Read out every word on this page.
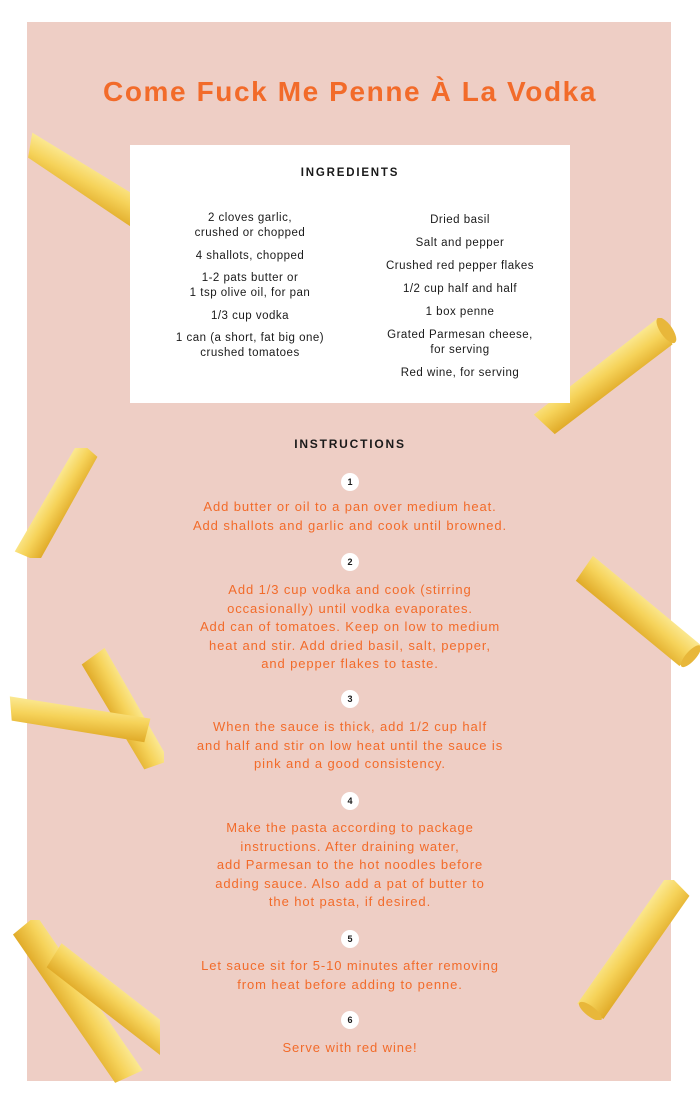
Come Fuck Me Penne À La Vodka
INGREDIENTS
2 cloves garlic,
crushed or chopped
4 shallots, chopped
1-2 pats butter or
1 tsp olive oil, for pan
1/3 cup vodka
1 can (a short, fat big one)
crushed tomatoes
Dried basil
Salt and pepper
Crushed red pepper flakes
1/2 cup half and half
1 box penne
Grated Parmesan cheese,
for serving
Red wine, for serving
INSTRUCTIONS
1

Add butter or oil to a pan over medium heat.
Add shallots and garlic and cook until browned.

2

Add 1/3 cup vodka and cook (stirring
occasionally) until vodka evaporates.
Add can of tomatoes. Keep on low to medium
heat and stir. Add dried basil, salt, pepper,
and pepper flakes to taste.

3

When the sauce is thick, add 1/2 cup half
and half and stir on low heat until the sauce is
pink and a good consistency.

4

Make the pasta according to package
instructions. After draining water,
add Parmesan to the hot noodles before
adding sauce. Also add a pat of butter to
the hot pasta, if desired.

5

Let sauce sit for 5-10 minutes after removing
from heat before adding to penne.

6

Serve with red wine!
